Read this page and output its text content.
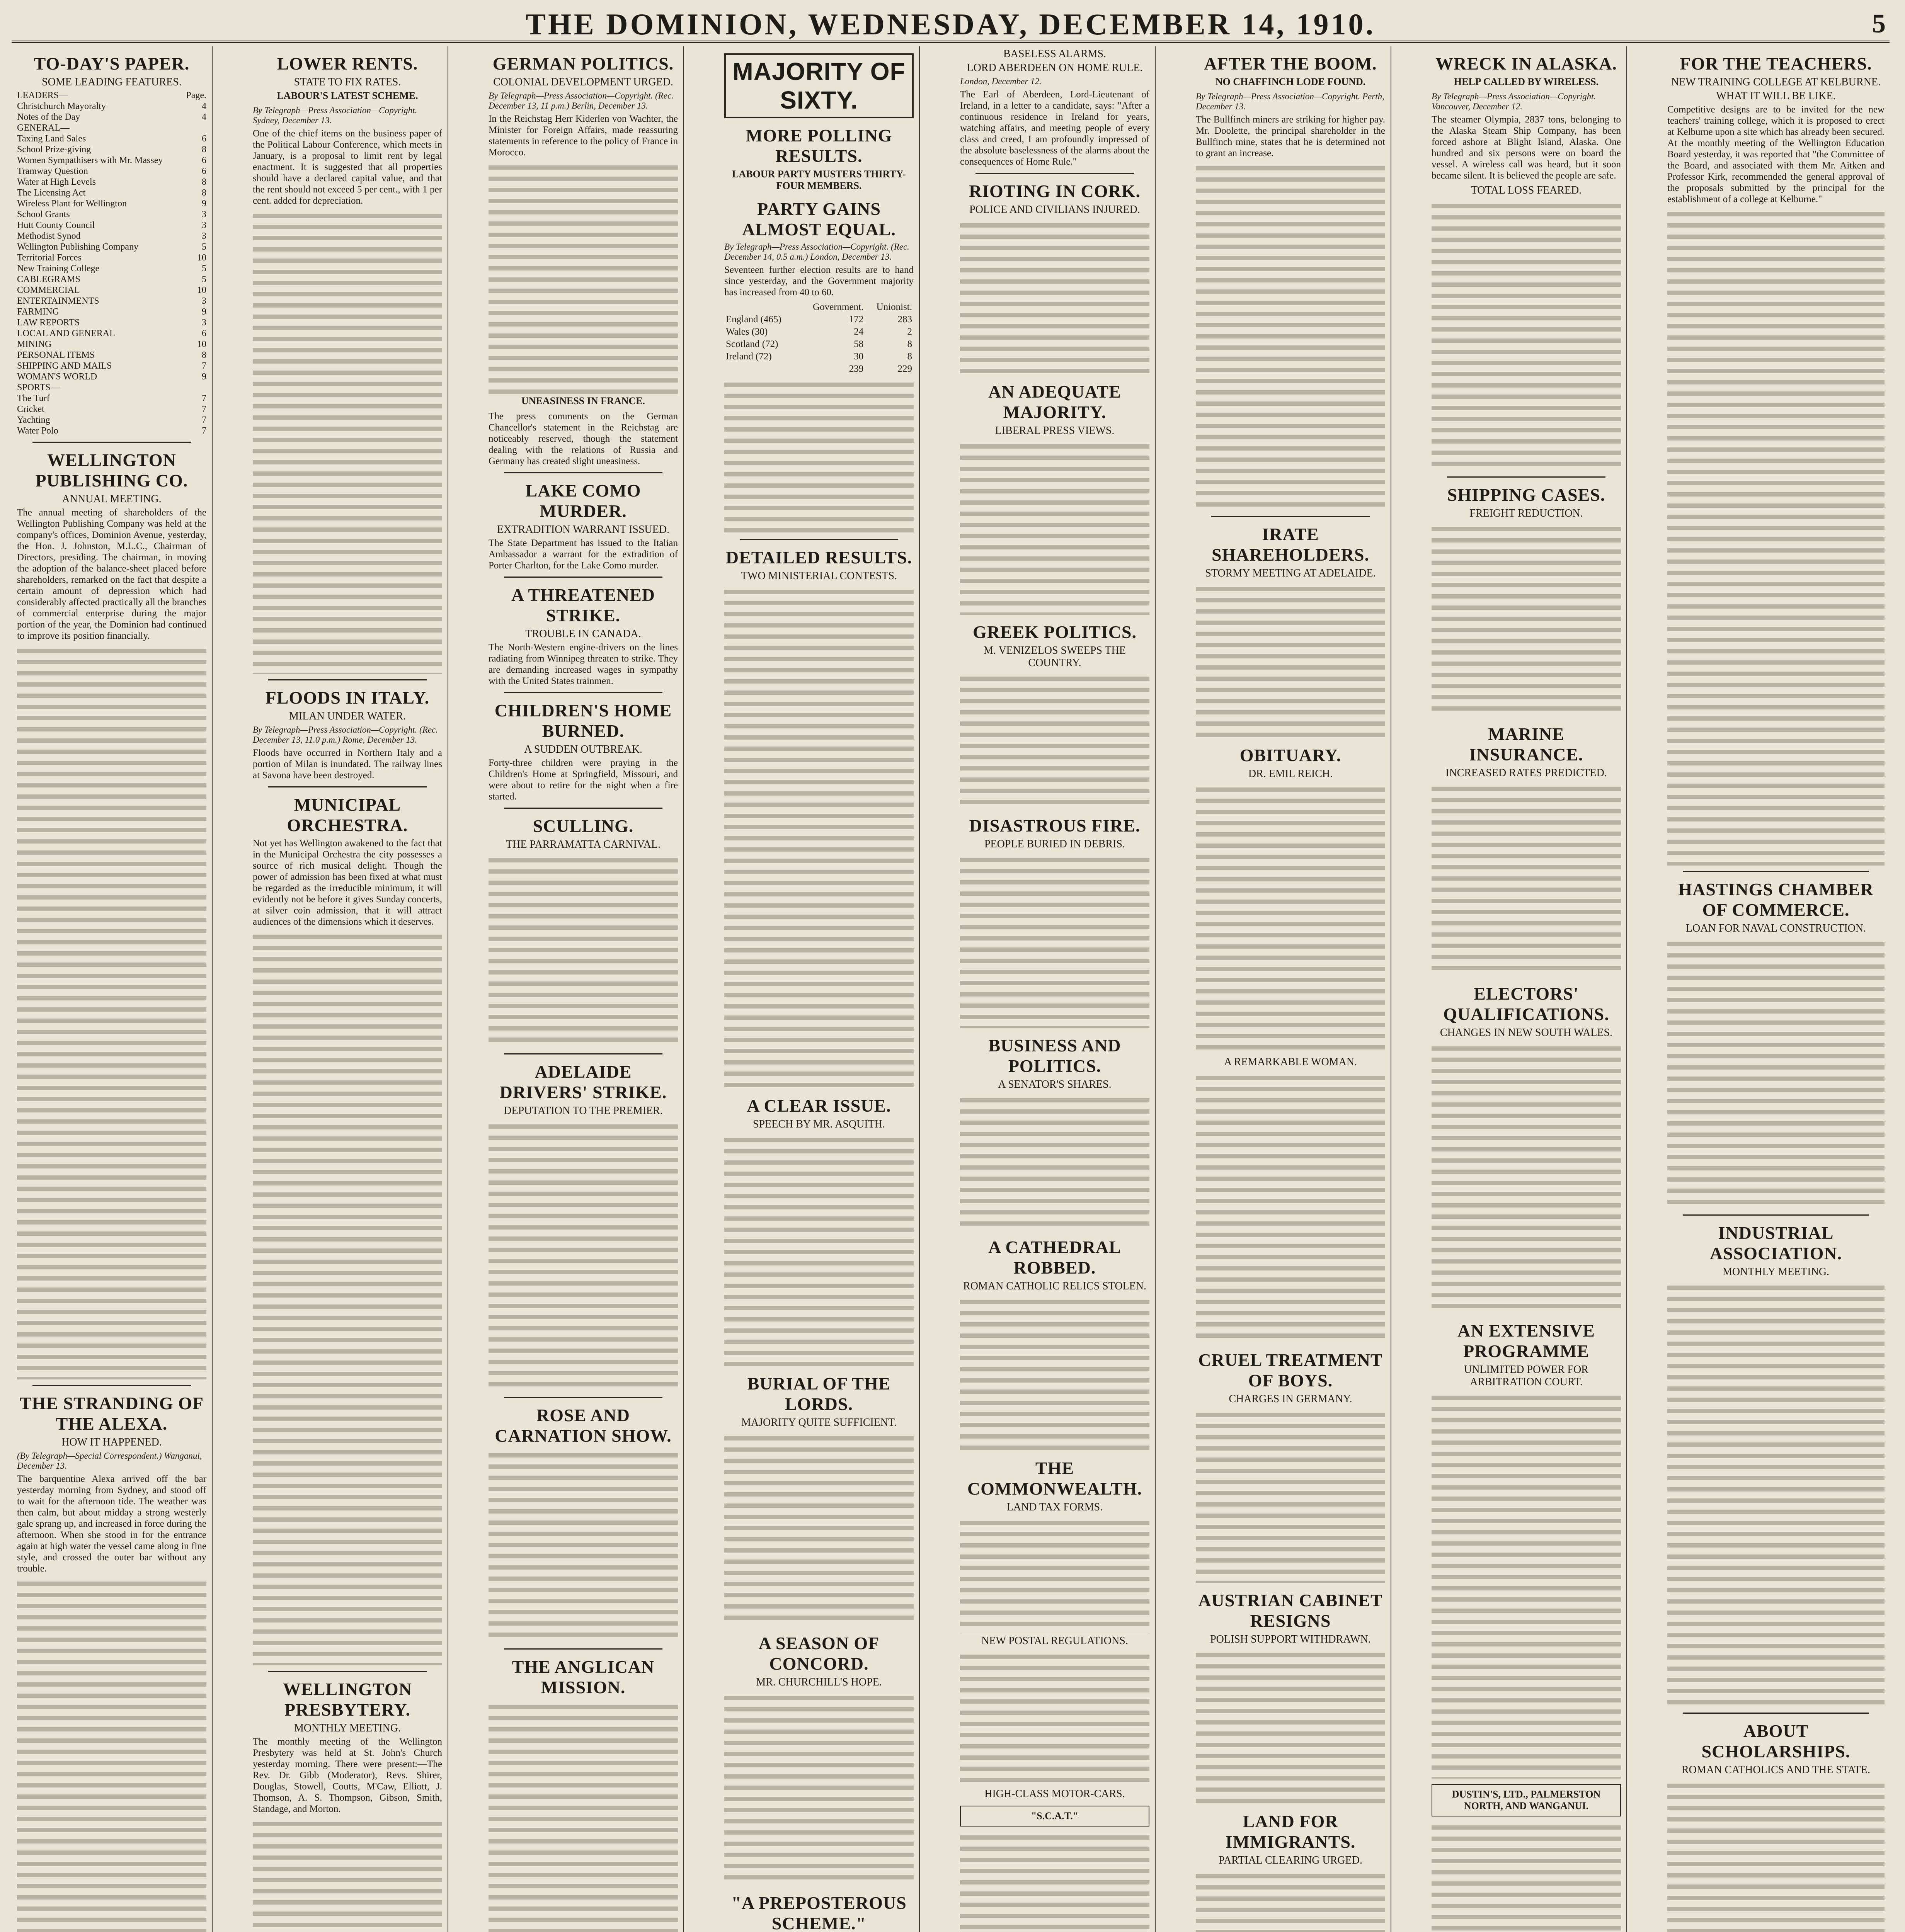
THE DOMINION, WEDNESDAY, DECEMBER 14, 1910.	5
TO-DAY'S PAPER.
SOME LEADING FEATURES.
LEADERS—	Page.
Christchurch Mayoralty	4
Notes of the Day	4
GENERAL—
Taxing Land Sales	6
School Prize-giving	8
Women Sympathisers with Mr. Massey	6
Tramway Question	6
Water at High Levels	8
The Licensing Act	8
Wireless Plant for Wellington	9
School Grants	3
Hutt County Council	3
Methodist Synod	3
Wellington Publishing Company	5
Territorial Forces	10
New Training College	5
CABLEGRAMS	5
COMMERCIAL	10
ENTERTAINMENTS	3
FARMING	9
LAW REPORTS	3
LOCAL AND GENERAL	6
MINING	10
PERSONAL ITEMS	8
SHIPPING AND MAILS	7
WOMAN'S WORLD	9
SPORTS—
The Turf	7
Cricket	7
Yachting	7
Water Polo	7
WELLINGTON PUBLISHING CO.
ANNUAL MEETING.

The annual meeting of shareholders of the Wellington Publishing Company was held at the company's offices, Dominion Avenue, yesterday, the Hon. J. Johnston, M.L.C., Chairman of Directors, presiding. The chairman, in moving the adoption of the balance-sheet placed before shareholders, remarked on the fact that despite a certain amount of depression which had considerably affected practically all the branches of commercial enterprise during the major portion of the year, the Dominion had continued to improve its position financially.

THE STRANDING OF THE ALEXA.
HOW IT HAPPENED.
(By Telegraph—Special Correspondent.) Wanganui, December 13.

The barquentine Alexa arrived off the bar yesterday morning from Sydney, and stood off to wait for the afternoon tide. The weather was then calm, but about midday a strong westerly gale sprang up, and increased in force during the afternoon. When she stood in for the entrance again at high water the vessel came along in fine style, and crossed the outer bar without any trouble.

LOWER RENTS.
STATE TO FIX RATES.
LABOUR'S LATEST SCHEME.
By Telegraph—Press Association—Copyright. Sydney, December 13.

One of the chief items on the business paper of the Political Labour Conference, which meets in January, is a proposal to limit rent by legal enactment. It is suggested that all properties should have a declared capital value, and that the rent should not exceed 5 per cent., with 1 per cent. added for depreciation.

FLOODS IN ITALY.
MILAN UNDER WATER.
By Telegraph—Press Association—Copyright. (Rec. December 13, 11.0 p.m.) Rome, December 13.

Floods have occurred in Northern Italy and a portion of Milan is inundated. The railway lines at Savona have been destroyed.

MUNICIPAL ORCHESTRA.

Not yet has Wellington awakened to the fact that in the Municipal Orchestra the city possesses a source of rich musical delight. Though the power of admission has been fixed at what must be regarded as the irreducible minimum, it will evidently not be before it gives Sunday concerts, at silver coin admission, that it will attract audiences of the dimensions which it deserves.

WELLINGTON PRESBYTERY.
MONTHLY MEETING.

The monthly meeting of the Wellington Presbytery was held at St. John's Church yesterday morning. There were present:—The Rev. Dr. Gibb (Moderator), Revs. Shirer, Douglas, Stowell, Coutts, M'Caw, Elliott, J. Thomson, A. S. Thompson, Gibson, Smith, Standage, and Morton.

GERMAN POLITICS.
COLONIAL DEVELOPMENT URGED.
By Telegraph—Press Association—Copyright. (Rec. December 13, 11 p.m.) Berlin, December 13.

In the Reichstag Herr Kiderlen von Wachter, the Minister for Foreign Affairs, made reassuring statements in reference to the policy of France in Morocco.

UNEASINESS IN FRANCE.

The press comments on the German Chancellor's statement in the Reichstag are noticeably reserved, though the statement dealing with the relations of Russia and Germany has created slight uneasiness.

LAKE COMO MURDER.
EXTRADITION WARRANT ISSUED.

The State Department has issued to the Italian Ambassador a warrant for the extradition of Porter Charlton, for the Lake Como murder.

A THREATENED STRIKE.
TROUBLE IN CANADA.

The North-Western engine-drivers on the lines radiating from Winnipeg threaten to strike. They are demanding increased wages in sympathy with the United States trainmen.

CHILDREN'S HOME BURNED.
A SUDDEN OUTBREAK.

Forty-three children were praying in the Children's Home at Springfield, Missouri, and were about to retire for the night when a fire started.

SCULLING.
THE PARRAMATTA CARNIVAL.
ADELAIDE DRIVERS' STRIKE.
DEPUTATION TO THE PREMIER.
ROSE AND CARNATION SHOW.
THE ANGLICAN MISSION.
MAJORITY OF SIXTY.
MORE POLLING RESULTS.
LABOUR PARTY MUSTERS THIRTY-FOUR MEMBERS.
PARTY GAINS ALMOST EQUAL.
By Telegraph—Press Association—Copyright. (Rec. December 14, 0.5 a.m.) London, December 13.

Seventeen further election results are to hand since yesterday, and the Government majority has increased from 40 to 60.

	Government.	Unionist.
England (465)	172	283
Wales (30)	24	2
Scotland (72)	58	8
Ireland (72)	30	8
	239	229
DETAILED RESULTS.
TWO MINISTERIAL CONTESTS.
A CLEAR ISSUE.
SPEECH BY MR. ASQUITH.
BURIAL OF THE LORDS.
MAJORITY QUITE SUFFICIENT.
A SEASON OF CONCORD.
MR. CHURCHILL'S HOPE.
"A PREPOSTEROUS SCHEME."
BASELESS ALARMS.
LORD ABERDEEN ON HOME RULE.
London, December 12.

The Earl of Aberdeen, Lord-Lieutenant of Ireland, in a letter to a candidate, says: "After a continuous residence in Ireland for years, watching affairs, and meeting people of every class and creed, I am profoundly impressed of the absolute baselessness of the alarms about the consequences of Home Rule."

RIOTING IN CORK.
POLICE AND CIVILIANS INJURED.
AN ADEQUATE MAJORITY.
LIBERAL PRESS VIEWS.
GREEK POLITICS.
M. VENIZELOS SWEEPS THE COUNTRY.
DISASTROUS FIRE.
PEOPLE BURIED IN DEBRIS.
BUSINESS AND POLITICS.
A SENATOR'S SHARES.
A CATHEDRAL ROBBED.
ROMAN CATHOLIC RELICS STOLEN.
THE COMMONWEALTH.
LAND TAX FORMS.
NEW POSTAL REGULATIONS.
HIGH-CLASS MOTOR-CARS.
"S.C.A.T."
AFTER THE BOOM.
NO CHAFFINCH LODE FOUND.
By Telegraph—Press Association—Copyright. Perth, December 13.

The Bullfinch miners are striking for higher pay. Mr. Doolette, the principal shareholder in the Bullfinch mine, states that he is determined not to grant an increase.

IRATE SHAREHOLDERS.
STORMY MEETING AT ADELAIDE.
OBITUARY.
DR. EMIL REICH.
A REMARKABLE WOMAN.
CRUEL TREATMENT OF BOYS.
CHARGES IN GERMANY.
AUSTRIAN CABINET RESIGNS
POLISH SUPPORT WITHDRAWN.
LAND FOR IMMIGRANTS.
PARTIAL CLEARING URGED.
WRECK IN ALASKA.
HELP CALLED BY WIRELESS.
By Telegraph—Press Association—Copyright. Vancouver, December 12.

The steamer Olympia, 2837 tons, belonging to the Alaska Steam Ship Company, has been forced ashore at Blight Island, Alaska. One hundred and six persons were on board the vessel. A wireless call was heard, but it soon became silent. It is believed the people are safe.

TOTAL LOSS FEARED.
SHIPPING CASES.
FREIGHT REDUCTION.
MARINE INSURANCE.
INCREASED RATES PREDICTED.
ELECTORS' QUALIFICATIONS.
CHANGES IN NEW SOUTH WALES.
AN EXTENSIVE PROGRAMME
UNLIMITED POWER FOR ARBITRATION COURT.
DUSTIN'S, LTD., PALMERSTON NORTH, AND WANGANUI.
FOR THE TEACHERS.
NEW TRAINING COLLEGE AT KELBURNE.
WHAT IT WILL BE LIKE.

Competitive designs are to be invited for the new teachers' training college, which it is proposed to erect at Kelburne upon a site which has already been secured. At the monthly meeting of the Wellington Education Board yesterday, it was reported that "the Committee of the Board, and associated with them Mr. Aitken and Professor Kirk, recommended the general approval of the proposals submitted by the principal for the establishment of a college at Kelburne."

HASTINGS CHAMBER OF COMMERCE.
LOAN FOR NAVAL CONSTRUCTION.
INDUSTRIAL ASSOCIATION.
MONTHLY MEETING.
ABOUT SCHOLARSHIPS.
ROMAN CATHOLICS AND THE STATE.
